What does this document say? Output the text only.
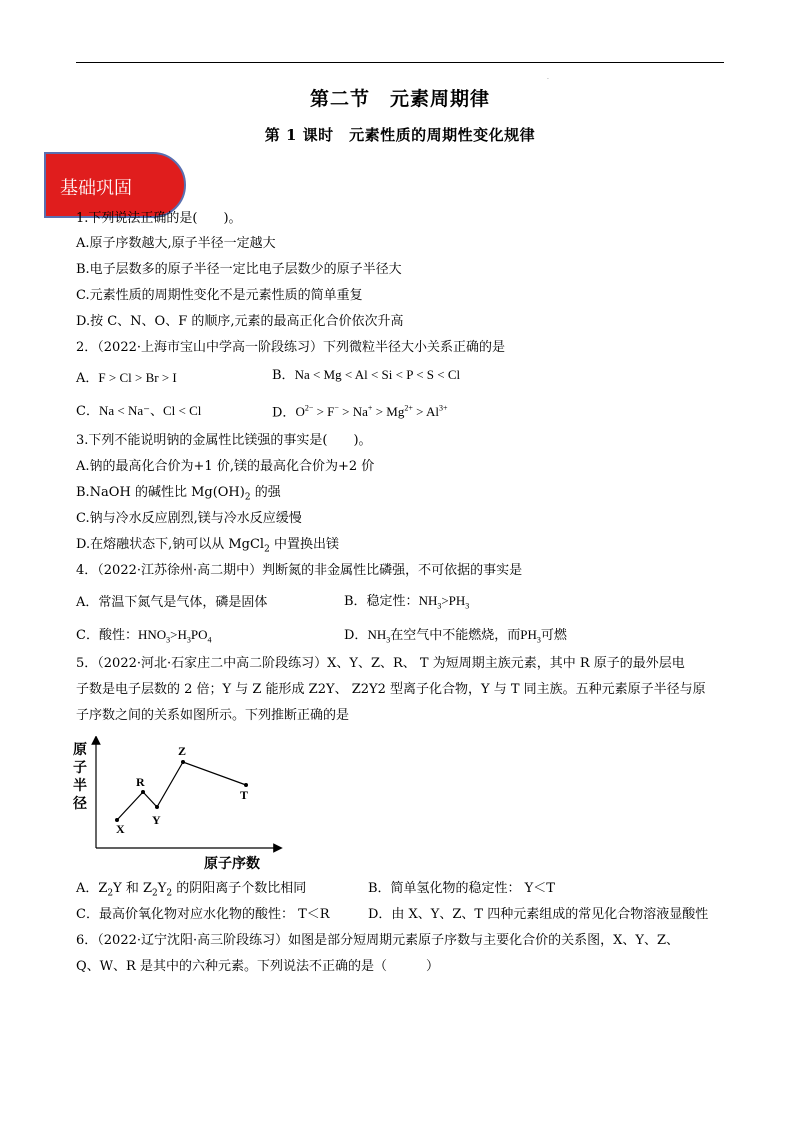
.
第二节　元素周期律
第 1 课时　元素性质的周期性变化规律
基础巩固
1.下列说法正确的是(　　)。
A.原子序数越大,原子半径一定越大
B.电子层数多的原子半径一定比电子层数少的原子半径大
C.元素性质的周期性变化不是元素性质的简单重复
D.按 C、N、O、F 的顺序,元素的最高正化合价依次升高
2．（2022·上海市宝山中学高一阶段练习）下列微粒半径大小关系正确的是
A．F > Cl > Br > I	B．Na < Mg < Al < Si < P < S < Cl
C．Na < Na⁻、Cl < Cl	D．$O^{2-} > F^- > Na^+ > Mg^{2+} > Al^{3+}$
3.下列不能说明钠的金属性比镁强的事实是(　　)。
A.钠的最高化合价为+1 价,镁的最高化合价为+2 价
B.NaOH 的碱性比 $Mg(OH)_2$ 的强
C.钠与冷水反应剧烈,镁与冷水反应缓慢
D.在熔融状态下,钠可以从 MgCl$_2$ 中置换出镁
4．（2022·江苏徐州·高二期中）判断氮的非金属性比磷强，不可依据的事实是
A．常温下氮气是气体，磷是固体	B．稳定性：$NH_3>PH_3$
C．酸性：$HNO_3>H_3PO_4$	D．$NH_3$在空气中不能燃烧，而$PH_3$可燃
5．（2022·河北·石家庄二中高二阶段练习）X、Y、Z、R、 T 为短周期主族元素，其中 R 原子的最外层电
子数是电子层数的 2 倍；Y 与 Z 能形成 Z2Y、 Z2Y2 型离子化合物，Y 与 T 同主族。五种元素原子半径与原
子序数之间的关系如图所示。下列推断正确的是
原
子
半
径
原子序数
X
R
Y
Z
T
A．$Z_2Y$ 和 $Z_2Y_2$ 的阴阳离子个数比相同	B．简单氢化物的稳定性： Y＜T
C．最高价氧化物对应水化物的酸性： T＜R	D．由 X、Y、Z、T 四种元素组成的常见化合物溶液显酸性
6．（2022·辽宁沈阳·高三阶段练习）如图是部分短周期元素原子序数与主要化合价的关系图，X、Y、Z、
Q、W、R 是其中的六种元素。下列说法不正确的是（　　　）
